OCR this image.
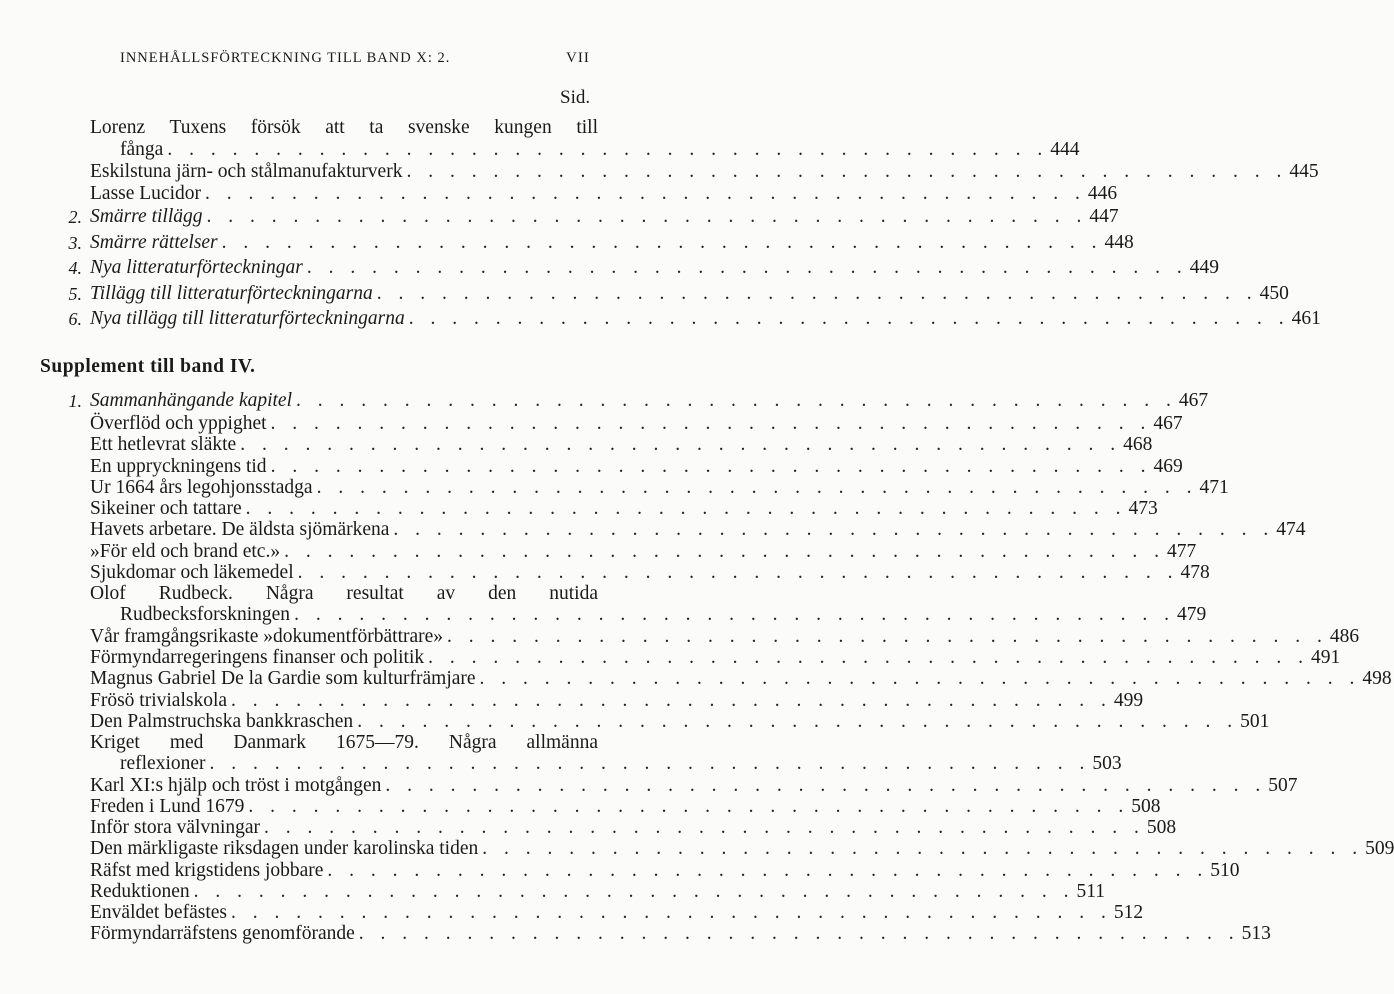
INNEHÅLLSFÖRTECKNING TILL BAND X: 2.	VII
Sid.
Lorenz Tuxens försök att ta svenske kungen till
fånga . . . . . . . . . . . . . . . . . . . . . . . . . . . . . . . . . . . . . . . . . 444
Eskilstuna järn- och stålmanufakturverk . . . . . . . . . . . . . . . . . . . . . . . . . . . . . . . . . . . . . . . . . 445
Lasse Lucidor . . . . . . . . . . . . . . . . . . . . . . . . . . . . . . . . . . . . . . . . . 446
2. Smärre tillägg . . . . . . . . . . . . . . . . . . . . . . . . . . . . . . . . . . . . . . . . . 447
3. Smärre rättelser . . . . . . . . . . . . . . . . . . . . . . . . . . . . . . . . . . . . . . . . . 448
4. Nya litteraturförteckningar . . . . . . . . . . . . . . . . . . . . . . . . . . . . . . . . . . . . . . . . . 449
5. Tillägg till litteraturförteckningarna . . . . . . . . . . . . . . . . . . . . . . . . . . . . . . . . . . . . . . . . . 450
6. Nya tillägg till litteraturförteckningarna . . . . . . . . . . . . . . . . . . . . . . . . . . . . . . . . . . . . . . . . . 461
Supplement till band IV.
1. Sammanhängande kapitel . . . . . . . . . . . . . . . . . . . . . . . . . . . . . . . . . . . . . . . . . 467
Överflöd och yppighet . . . . . . . . . . . . . . . . . . . . . . . . . . . . . . . . . . . . . . . . . 467
Ett hetlevrat släkte . . . . . . . . . . . . . . . . . . . . . . . . . . . . . . . . . . . . . . . . . 468
En uppryckningens tid . . . . . . . . . . . . . . . . . . . . . . . . . . . . . . . . . . . . . . . . . 469
Ur 1664 års legohjonsstadga . . . . . . . . . . . . . . . . . . . . . . . . . . . . . . . . . . . . . . . . . 471
Sikeiner och tattare . . . . . . . . . . . . . . . . . . . . . . . . . . . . . . . . . . . . . . . . . 473
Havets arbetare. De äldsta sjömärkena . . . . . . . . . . . . . . . . . . . . . . . . . . . . . . . . . . . . . . . . . 474
»För eld och brand etc.» . . . . . . . . . . . . . . . . . . . . . . . . . . . . . . . . . . . . . . . . . 477
Sjukdomar och läkemedel . . . . . . . . . . . . . . . . . . . . . . . . . . . . . . . . . . . . . . . . . 478
Olof Rudbeck. Några resultat av den nutida
Rudbecksforskningen . . . . . . . . . . . . . . . . . . . . . . . . . . . . . . . . . . . . . . . . . 479
Vår framgångsrikaste »dokumentförbättrare» . . . . . . . . . . . . . . . . . . . . . . . . . . . . . . . . . . . . . . . . . 486
Förmyndarregeringens finanser och politik . . . . . . . . . . . . . . . . . . . . . . . . . . . . . . . . . . . . . . . . . 491
Magnus Gabriel De la Gardie som kulturfrämjare . . . . . . . . . . . . . . . . . . . . . . . . . . . . . . . . . . . . . . . . . 498
Frösö trivialskola . . . . . . . . . . . . . . . . . . . . . . . . . . . . . . . . . . . . . . . . . 499
Den Palmstruchska bankkraschen . . . . . . . . . . . . . . . . . . . . . . . . . . . . . . . . . . . . . . . . . 501
Kriget med Danmark 1675—79. Några allmänna
reflexioner . . . . . . . . . . . . . . . . . . . . . . . . . . . . . . . . . . . . . . . . . 503
Karl XI:s hjälp och tröst i motgången . . . . . . . . . . . . . . . . . . . . . . . . . . . . . . . . . . . . . . . . . 507
Freden i Lund 1679 . . . . . . . . . . . . . . . . . . . . . . . . . . . . . . . . . . . . . . . . . 508
Inför stora välvningar . . . . . . . . . . . . . . . . . . . . . . . . . . . . . . . . . . . . . . . . . 508
Den märkligaste riksdagen under karolinska tiden . . . . . . . . . . . . . . . . . . . . . . . . . . . . . . . . . . . . . . . . . 509
Räfst med krigstidens jobbare . . . . . . . . . . . . . . . . . . . . . . . . . . . . . . . . . . . . . . . . . 510
Reduktionen . . . . . . . . . . . . . . . . . . . . . . . . . . . . . . . . . . . . . . . . . 511
Enväldet befästes . . . . . . . . . . . . . . . . . . . . . . . . . . . . . . . . . . . . . . . . . 512
Förmyndarräfstens genomförande . . . . . . . . . . . . . . . . . . . . . . . . . . . . . . . . . . . . . . . . . 513
